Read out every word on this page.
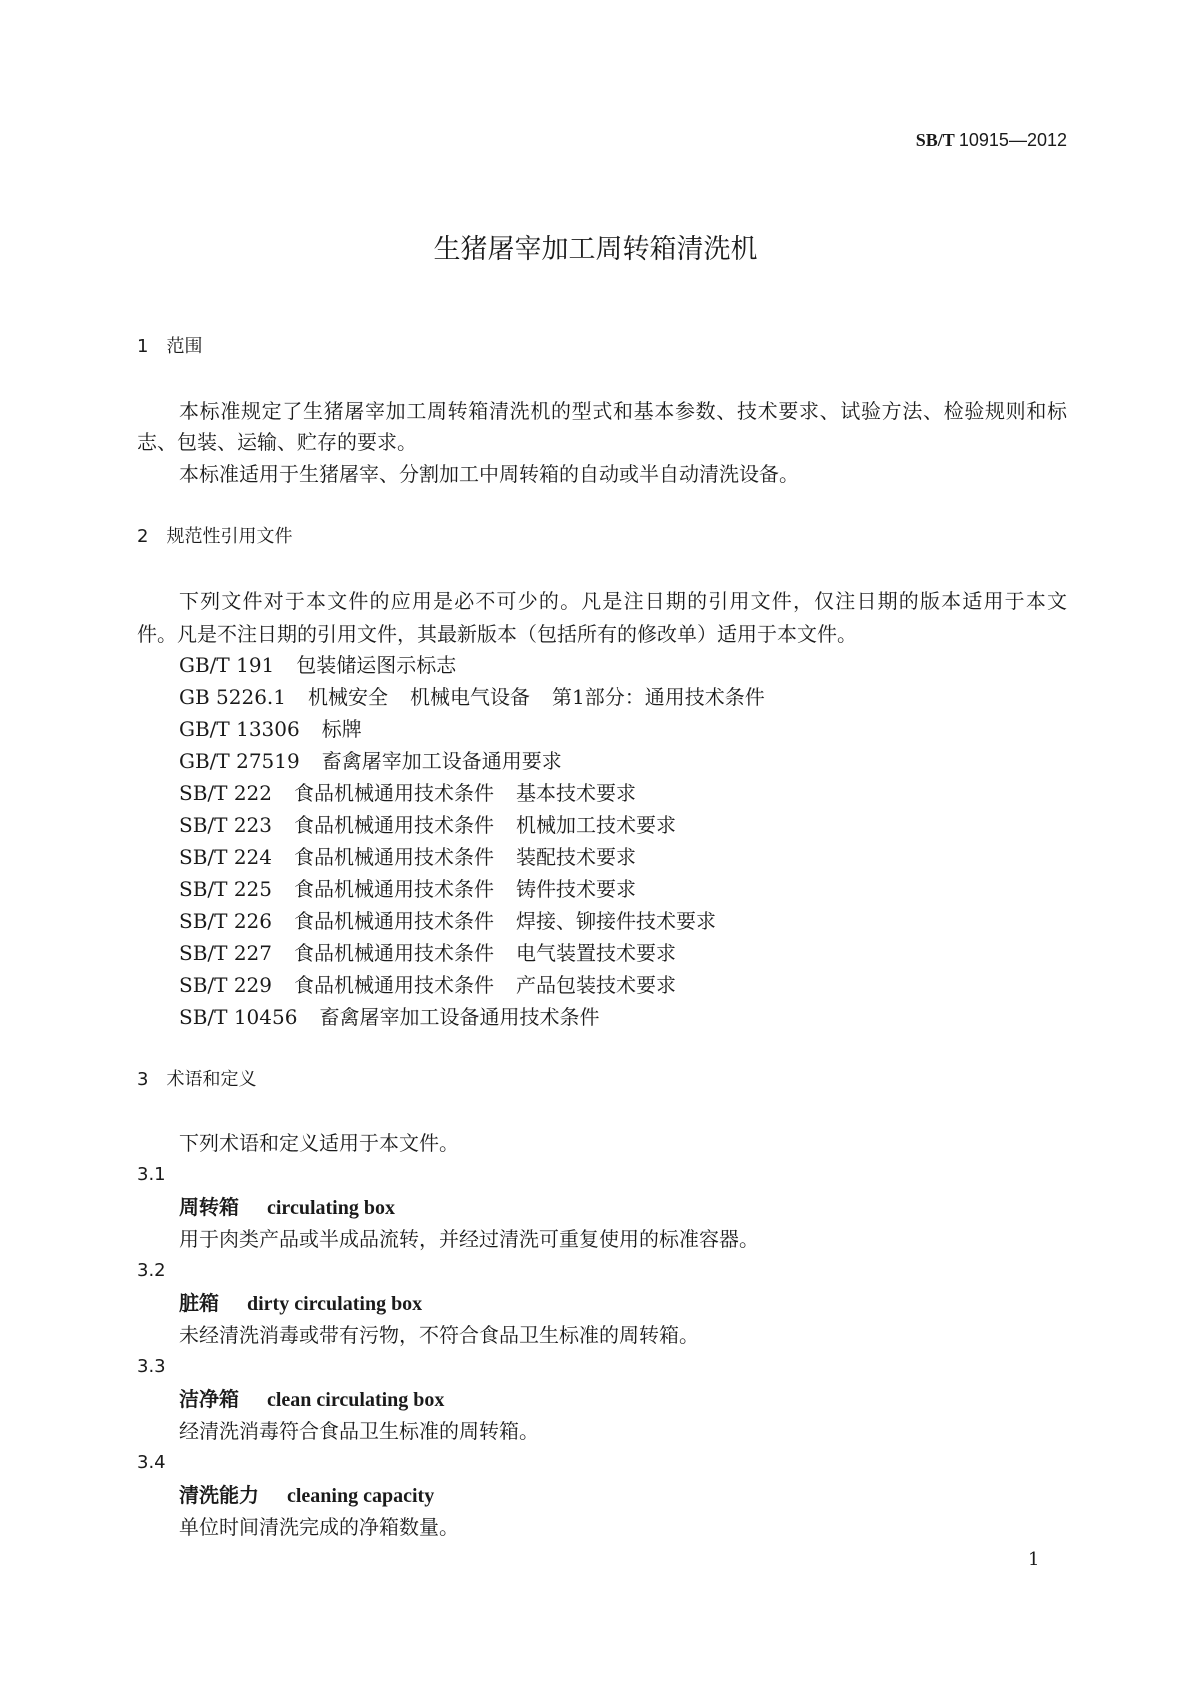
SB/T 10915—2012
生猪屠宰加工周转箱清洗机
1 范围
本标准规定了生猪屠宰加工周转箱清洗机的型式和基本参数、技术要求、试验方法、检验规则和标
志、包装、运输、贮存的要求。
本标准适用于生猪屠宰、分割加工中周转箱的自动或半自动清洗设备。
2 规范性引用文件
下列文件对于本文件的应用是必不可少的。凡是注日期的引用文件，仅注日期的版本适用于本文
件。凡是不注日期的引用文件，其最新版本（包括所有的修改单）适用于本文件。
GB/T 191 包装储运图示标志
GB 5226.1 机械安全 机械电气设备 第1部分：通用技术条件
GB/T 13306 标牌
GB/T 27519 畜禽屠宰加工设备通用要求
SB/T 222 食品机械通用技术条件 基本技术要求
SB/T 223 食品机械通用技术条件 机械加工技术要求
SB/T 224 食品机械通用技术条件 装配技术要求
SB/T 225 食品机械通用技术条件 铸件技术要求
SB/T 226 食品机械通用技术条件 焊接、铆接件技术要求
SB/T 227 食品机械通用技术条件 电气装置技术要求
SB/T 229 食品机械通用技术条件 产品包装技术要求
SB/T 10456 畜禽屠宰加工设备通用技术条件
3 术语和定义
下列术语和定义适用于本文件。
3.1
周转箱 circulating box
用于肉类产品或半成品流转，并经过清洗可重复使用的标准容器。
3.2
脏箱 dirty circulating box
未经清洗消毒或带有污物，不符合食品卫生标准的周转箱。
3.3
洁净箱 clean circulating box
经清洗消毒符合食品卫生标准的周转箱。
3.4
清洗能力 cleaning capacity
单位时间清洗完成的净箱数量。
1
